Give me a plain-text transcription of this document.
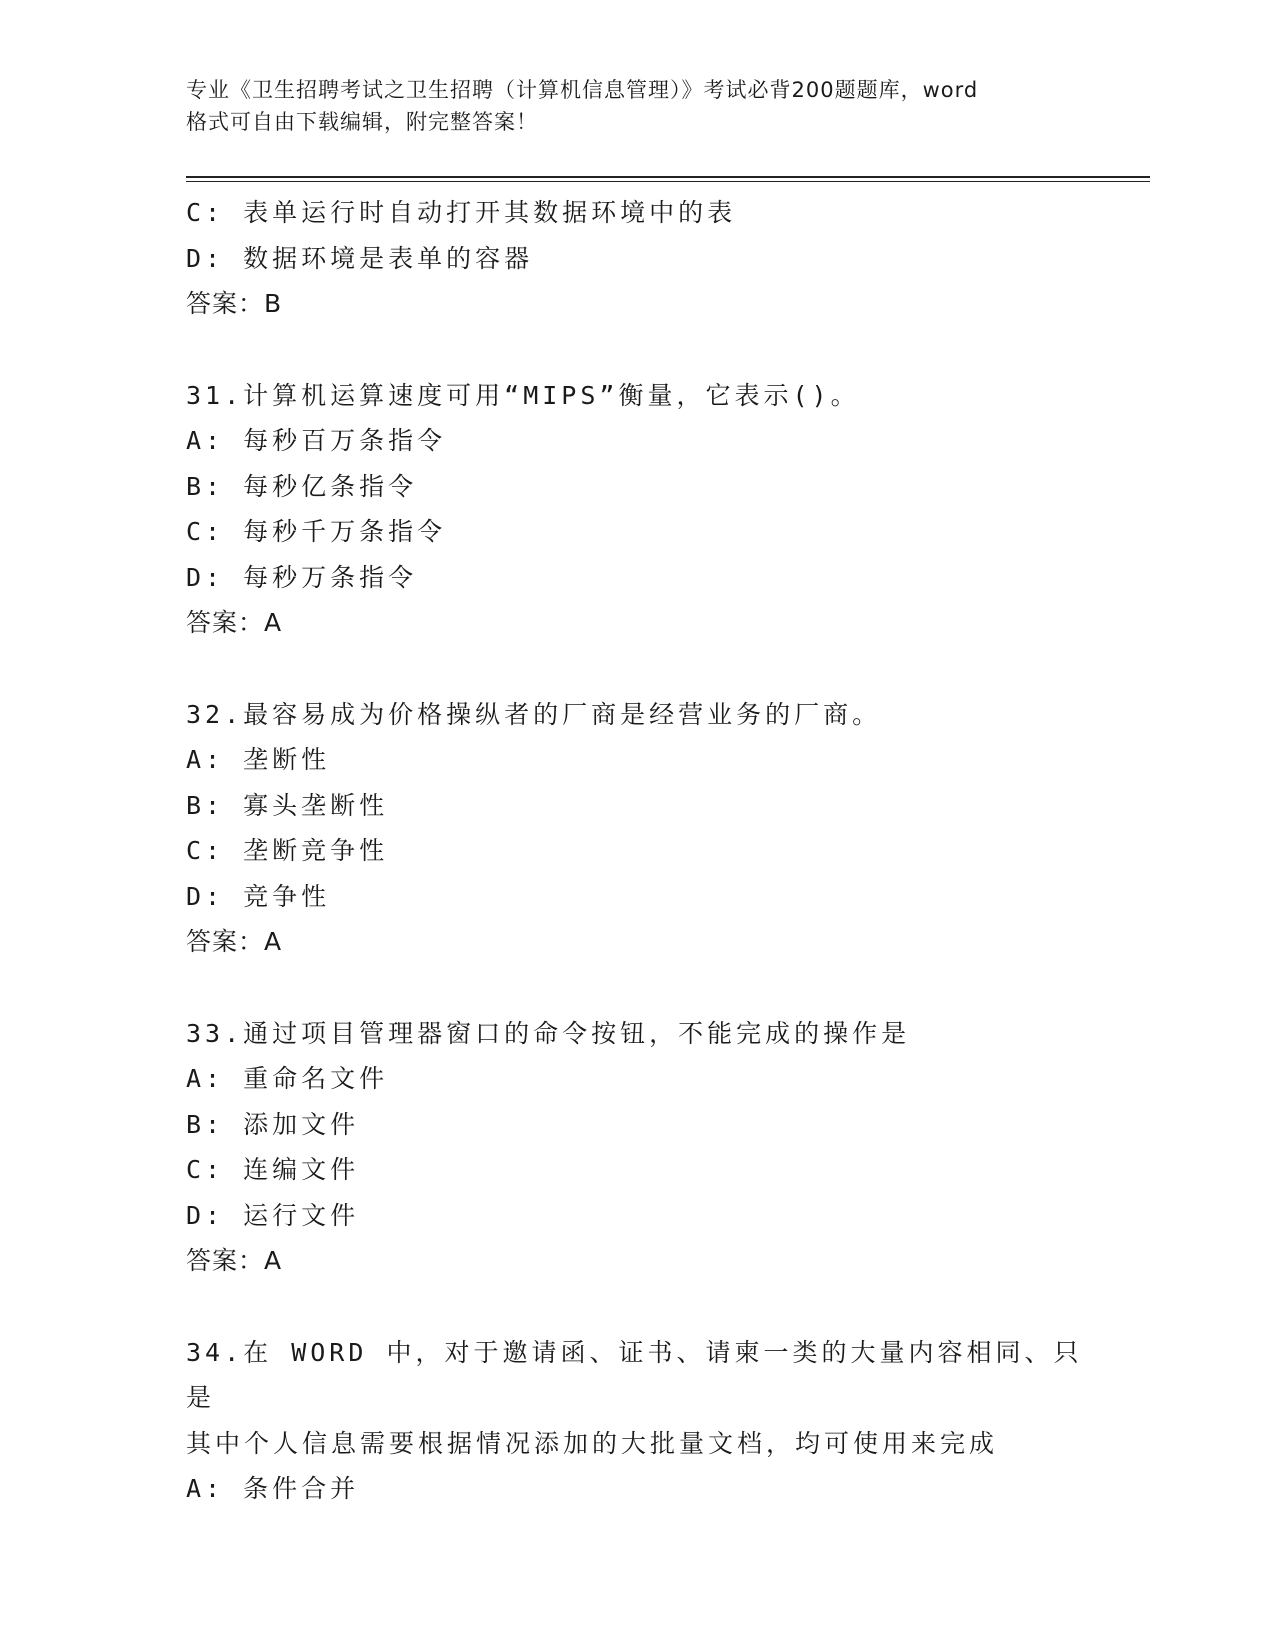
专业《卫生招聘考试之卫生招聘（计算机信息管理）》考试必背200题题库，word
格式可自由下载编辑，附完整答案！
C: 表单运行时自动打开其数据环境中的表
D: 数据环境是表单的容器
答案：B
31.计算机运算速度可用“MIPS”衡量，它表示()。
A: 每秒百万条指令
B: 每秒亿条指令
C: 每秒千万条指令
D: 每秒万条指令
答案：A
32.最容易成为价格操纵者的厂商是经营业务的厂商。
A: 垄断性
B: 寡头垄断性
C: 垄断竞争性
D: 竞争性
答案：A
33.通过项目管理器窗口的命令按钮，不能完成的操作是
A: 重命名文件
B: 添加文件
C: 连编文件
D: 运行文件
答案：A
34.在 WORD 中，对于邀请函、证书、请柬一类的大量内容相同、只是
其中个人信息需要根据情况添加的大批量文档，均可使用来完成
A: 条件合并
